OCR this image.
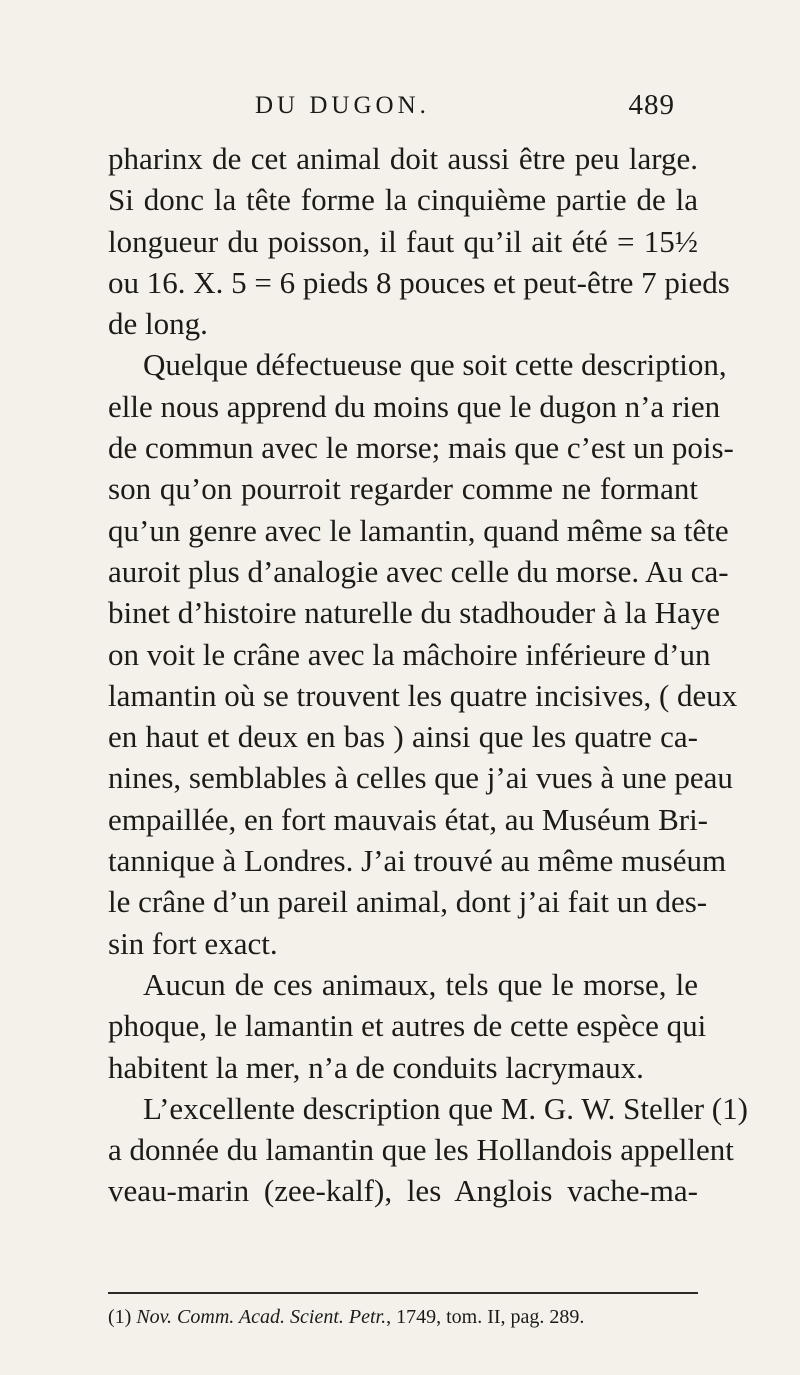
DU DUGON.	489
pharinx de cet animal doit aussi être peu large.
Si donc la tête forme la cinquième partie de la
longueur du poisson, il faut qu’il ait été = 15½
ou 16. X. 5 = 6 pieds 8 pouces et peut-être 7 pieds
de long.
Quelque défectueuse que soit cette description,
elle nous apprend du moins que le dugon n’a rien
de commun avec le morse; mais que c’est un pois-
son qu’on pourroit regarder comme ne formant
qu’un genre avec le lamantin, quand même sa tête
auroit plus d’analogie avec celle du morse. Au ca-
binet d’histoire naturelle du stadhouder à la Haye
on voit le crâne avec la mâchoire inférieure d’un
lamantin où se trouvent les quatre incisives, ( deux
en haut et deux en bas ) ainsi que les quatre ca-
nines, semblables à celles que j’ai vues à une peau
empaillée, en fort mauvais état, au Muséum Bri-
tannique à Londres. J’ai trouvé au même muséum
le crâne d’un pareil animal, dont j’ai fait un des-
sin fort exact.
Aucun de ces animaux, tels que le morse, le
phoque, le lamantin et autres de cette espèce qui
habitent la mer, n’a de conduits lacrymaux.
L’excellente description que M. G. W. Steller (1)
a donnée du lamantin que les Hollandois appellent
veau-marin (zee-kalf), les Anglois vache-ma-
(1) Nov. Comm. Acad. Scient. Petr., 1749, tom. II, pag. 289.
